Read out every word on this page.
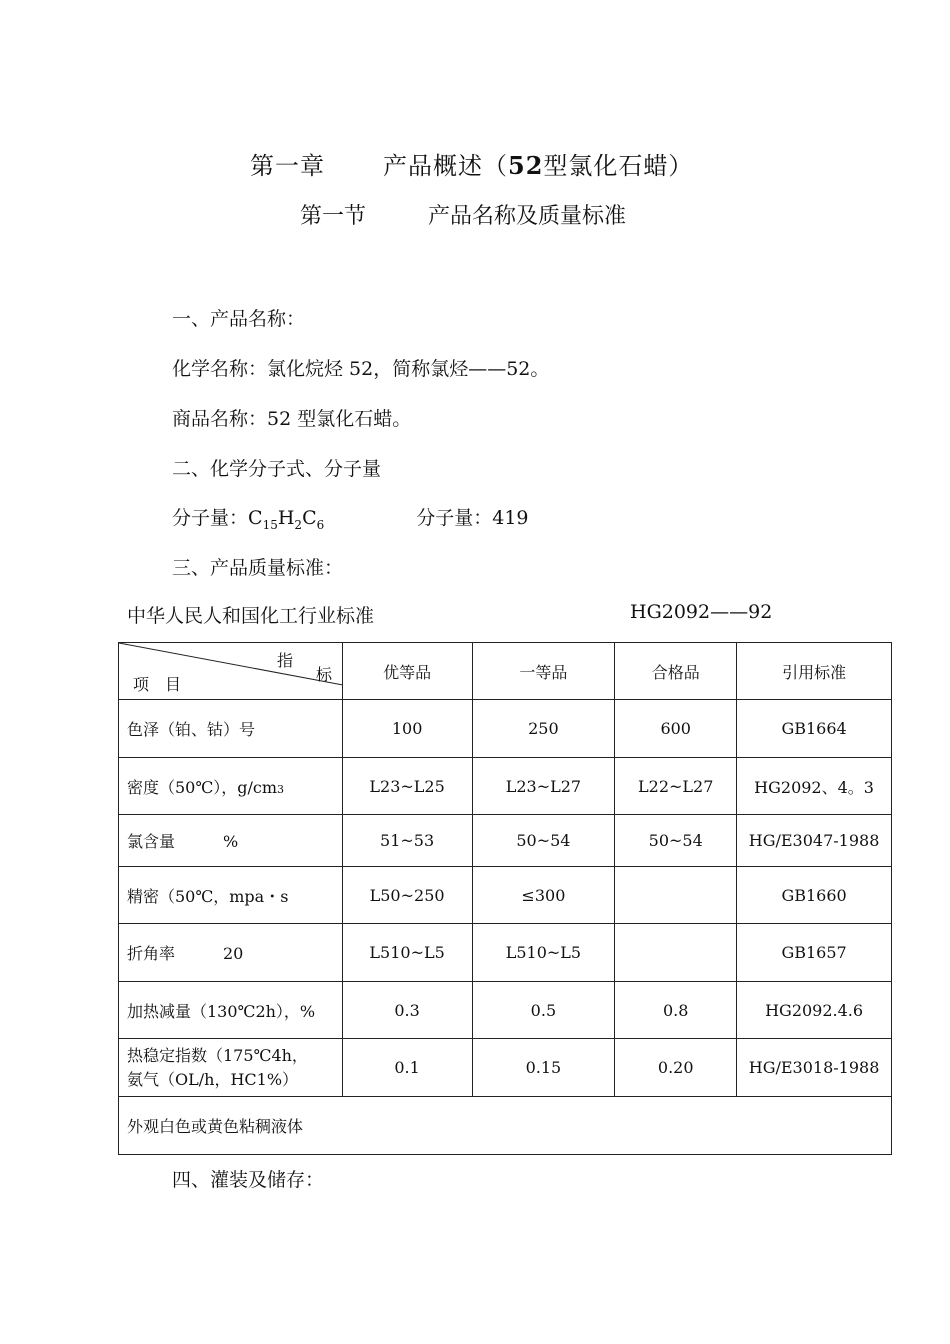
第一章 产品概述（52型氯化石蜡）
第一节	产品名称及质量标准
一、产品名称：
化学名称：氯化烷烃 52，简称氯烃——52。
商品名称：52 型氯化石蜡。
二、化学分子式、分子量
分子量：$C_{15}H_2C_6$	分子量：419
三、产品质量标准：
中华人民人和国化工行业标准	HG2092——92
指
标
项　目	优等品	一等品	合格品	引用标准
色泽（铂、钴）号	100	250	600	GB1664
密度（50℃），g/cm3	L23~L25	L23~L27	L22~L27	HG2092、4。3
氯含量　　　%	51~53	50~54	50~54	HG/E3047-1988
精密（50℃，mpa・s	L50~250	≤300		GB1660
折角率　　　20	L510~L5	L510~L5		GB1657
加热减量（130℃2h），%	0.3	0.5	0.8	HG2092.4.6

热稳定指数（175℃4h，
氨气（OL/h，HC1%）	0.1	0.15	0.20	HG/E3018-1988
外观白色或黄色粘稠液体				
四、灌装及储存：
